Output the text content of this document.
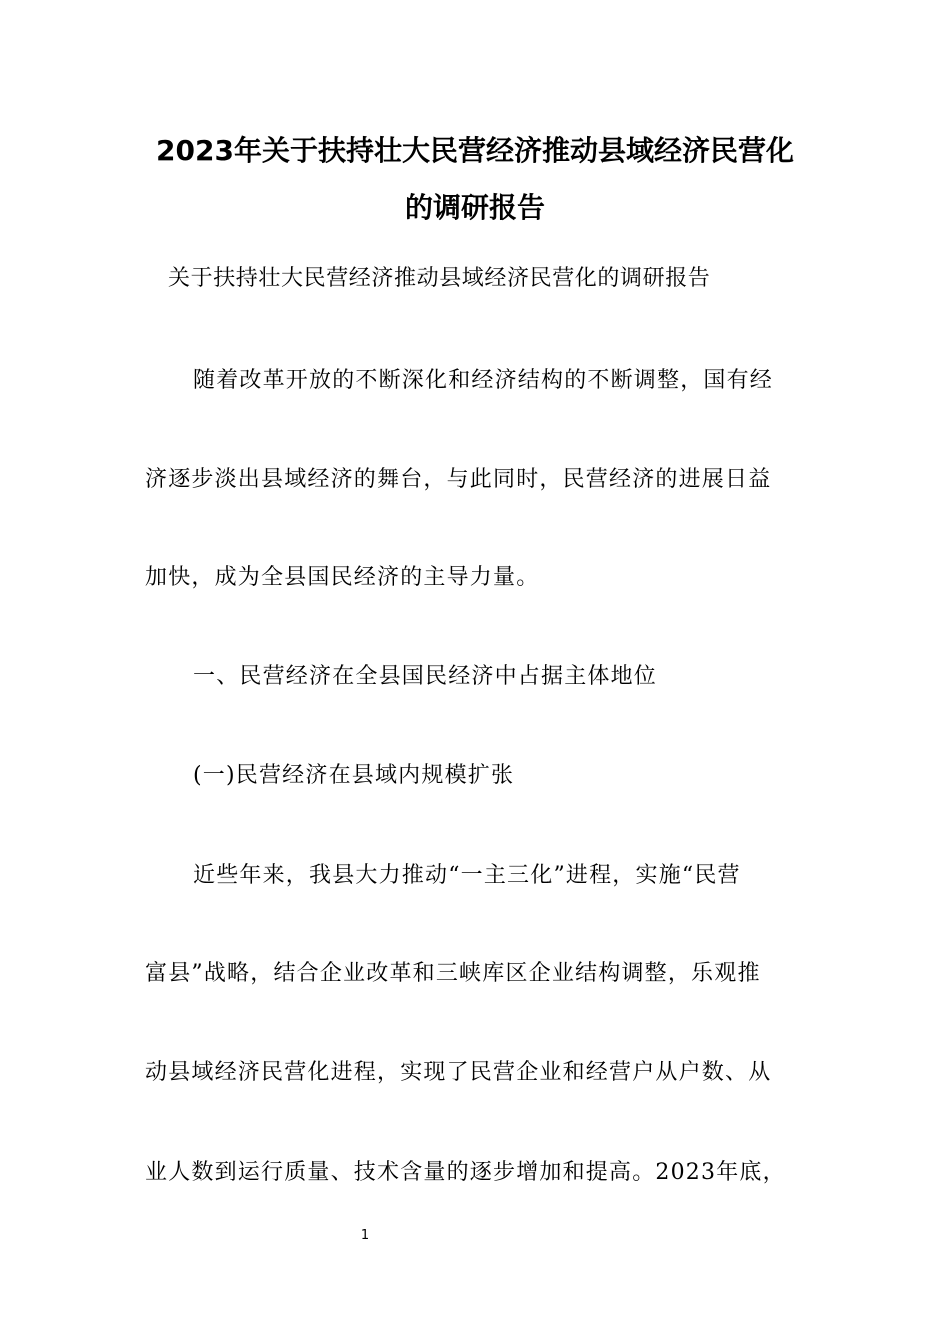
2023年关于扶持壮大民营经济推动县域经济民营化
的调研报告
关于扶持壮大民营经济推动县域经济民营化的调研报告
随着改革开放的不断深化和经济结构的不断调整，国有经
济逐步淡出县域经济的舞台，与此同时，民营经济的进展日益
加快，成为全县国民经济的主导力量。
一、民营经济在全县国民经济中占据主体地位
(一)民营经济在县域内规模扩张
近些年来，我县大力推动“一主三化”进程，实施“民营
富县”战略，结合企业改革和三峡库区企业结构调整，乐观推
动县域经济民营化进程，实现了民营企业和经营户从户数、从
业人数到运行质量、技术含量的逐步增加和提高。2023年底，
1
